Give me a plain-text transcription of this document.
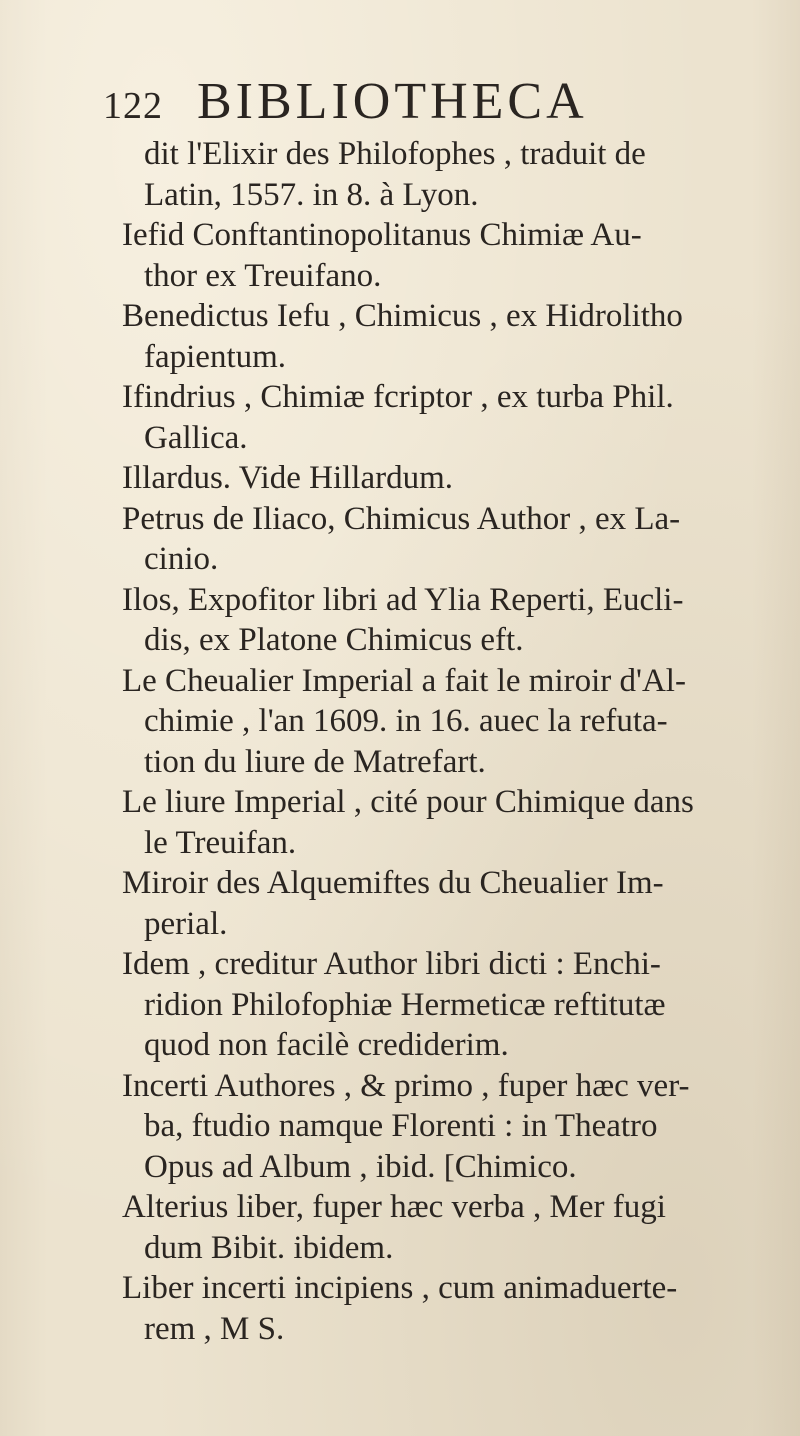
122 BIBLIOTHECA
dit l'Elixir des Philofophes , traduit de
Latin, 1557. in 8. à Lyon.
Iefid Conftantinopolitanus Chimiæ Au-
thor ex Treuifano.
Benedictus Iefu , Chimicus , ex Hidrolitho
fapientum.
Ifindrius , Chimiæ fcriptor , ex turba Phil.
Gallica.
Illardus. Vide Hillardum.
Petrus de Iliaco, Chimicus Author , ex La-
cinio.
Ilos, Expofitor libri ad Ylia Reperti, Eucli-
dis, ex Platone Chimicus eft.
Le Cheualier Imperial a fait le miroir d'Al-
chimie , l'an 1609. in 16. auec la refuta-
tion du liure de Matrefart.
Le liure Imperial , cité pour Chimique dans
le Treuifan.
Miroir des Alquemiftes du Cheualier Im-
perial.
Idem , creditur Author libri dicti : Enchi-
ridion Philofophiæ Hermeticæ reftitutæ
quod non facilè crediderim.
Incerti Authores , & primo , fuper hæc ver-
ba, ftudio namque Florenti : in Theatro
Opus ad Album , ibid. [Chimico.
Alterius liber, fuper hæc verba , Mer fugi
dum Bibit. ibidem.
Liber incerti incipiens , cum animaduerte-
rem , M S.
